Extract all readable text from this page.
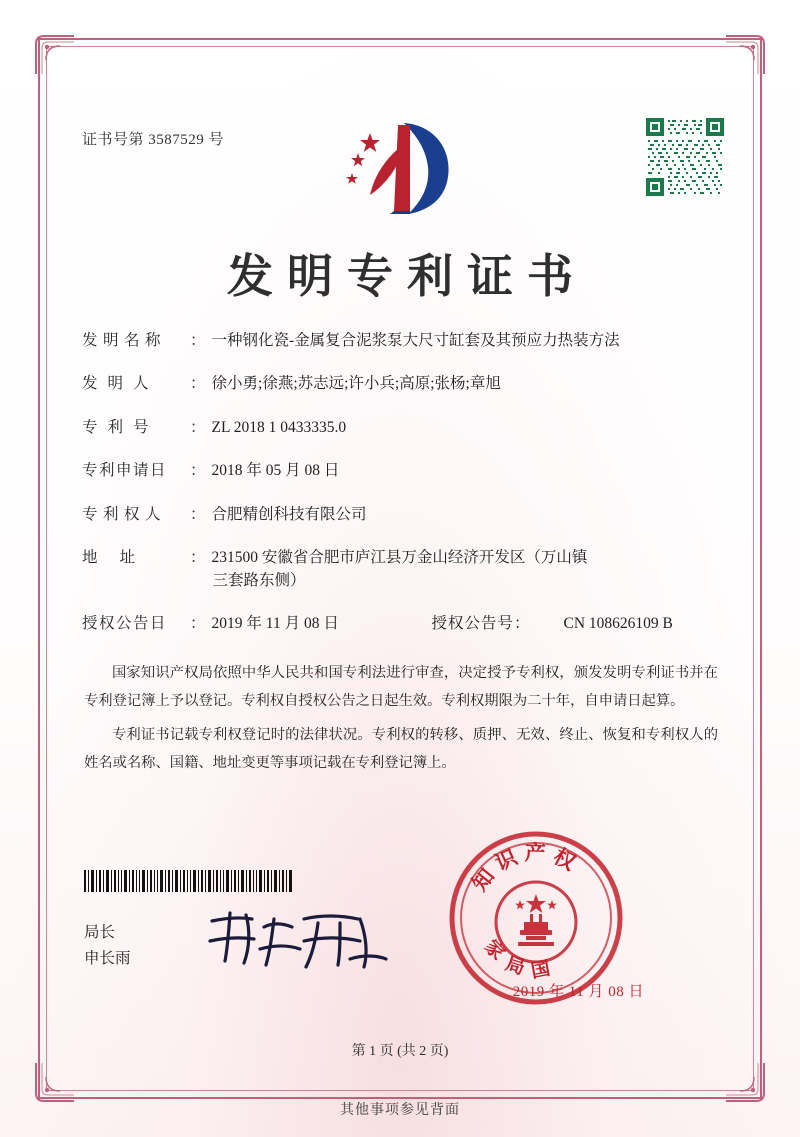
证书号第 3587529 号
发明专利证书
发明名称	： 一种钢化瓷-金属复合泥浆泵大尺寸缸套及其预应力热装方法
发明人	： 徐小勇;徐燕;苏志远;许小兵;高原;张杨;章旭
专利号	： ZL 2018 1 0433335.0
专利申请日	： 2018 年 05 月 08 日
专利权人	： 合肥精创科技有限公司
地址	： 231500 安徽省合肥市庐江县万金山经济开发区（万山镇
三套路东侧）
授权公告日	： 2019 年 11 月 08 日	授权公告号：	CN 108626109 B

国家知识产权局依照中华人民共和国专利法进行审查，决定授予专利权，颁发发明专利证书并在专利登记簿上予以登记。专利权自授权公告之日起生效。专利权期限为二十年，自申请日起算。

专利证书记载专利权登记时的法律状况。专利权的转移、质押、无效、终止、恢复和专利权人的姓名或名称、国籍、地址变更等事项记载在专利登记簿上。

局长
申长雨
知识产权
家局国
2019 年 11 月 08 日
第 1 页 (共 2 页)
其他事项参见背面
